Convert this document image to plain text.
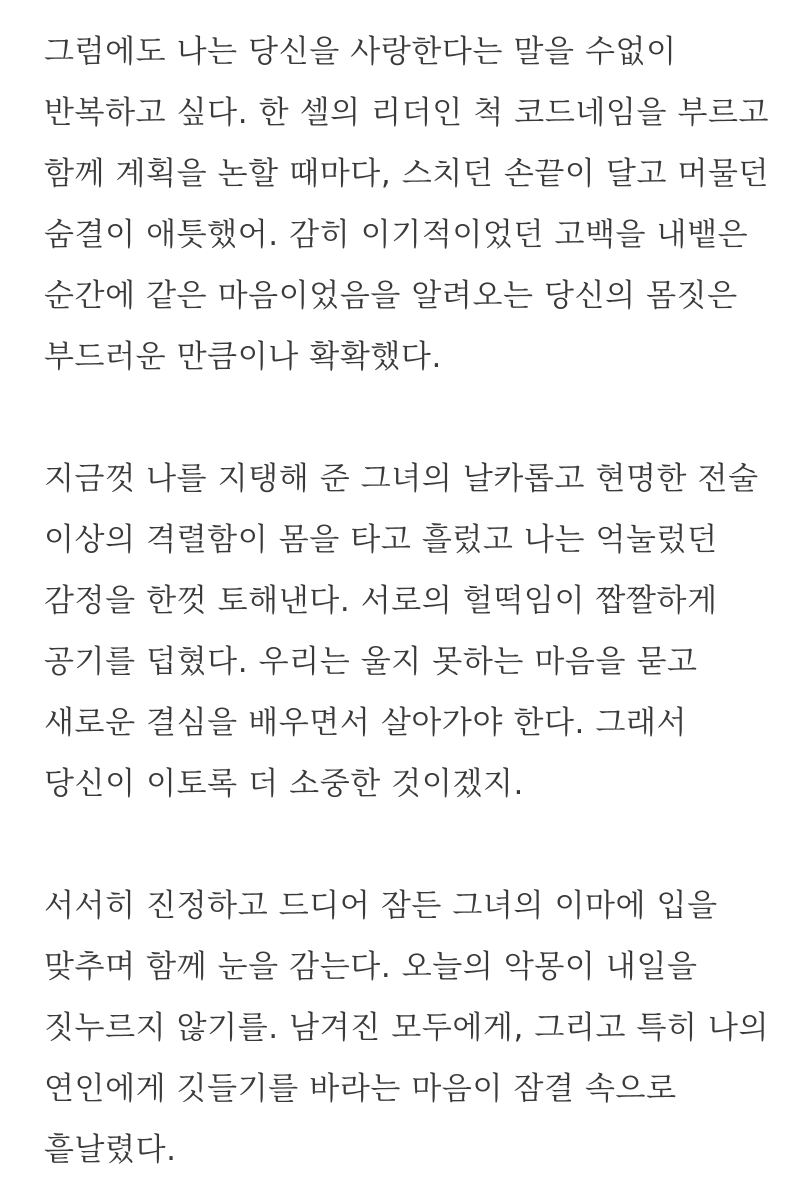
그럼에도 나는 당신을 사랑한다는 말을 수없이
반복하고 싶다. 한 셀의 리더인 척 코드네임을 부르고
함께 계획을 논할 때마다, 스치던 손끝이 달고 머물던
숨결이 애틋했어. 감히 이기적이었던 고백을 내뱉은
순간에 같은 마음이었음을 알려오는 당신의 몸짓은
부드러운 만큼이나 확확했다.
지금껏 나를 지탱해 준 그녀의 날카롭고 현명한 전술
이상의 격렬함이 몸을 타고 흘렀고 나는 억눌렀던
감정을 한껏 토해낸다. 서로의 헐떡임이 짭짤하게
공기를 덥혔다. 우리는 울지 못하는 마음을 묻고
새로운 결심을 배우면서 살아가야 한다. 그래서
당신이 이토록 더 소중한 것이겠지.
서서히 진정하고 드디어 잠든 그녀의 이마에 입을
맞추며 함께 눈을 감는다. 오늘의 악몽이 내일을
짓누르지 않기를. 남겨진 모두에게, 그리고 특히 나의
연인에게 깃들기를 바라는 마음이 잠결 속으로
흩날렸다.
